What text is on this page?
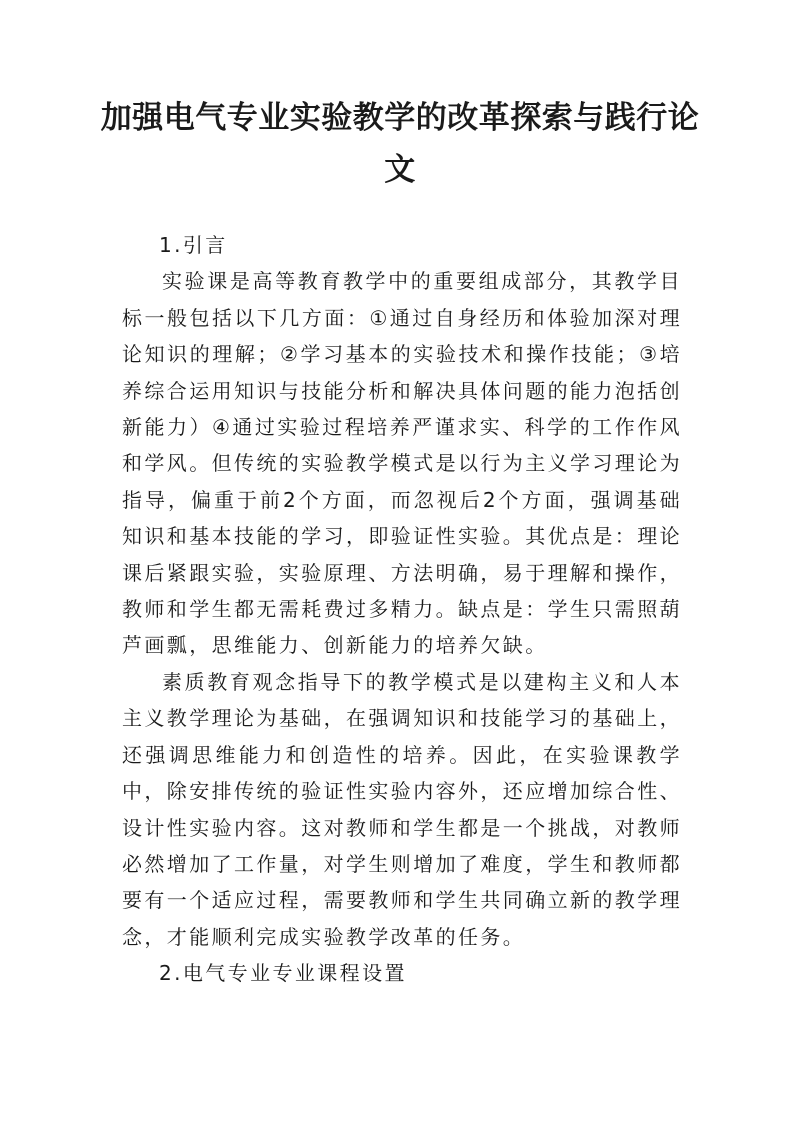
加强电气专业实验教学的改革探索与践行论文

1.引言

实验课是高等教育教学中的重要组成部分，其教学目标一般包括以下几方面：①通过自身经历和体验加深对理论知识的理解；②学习基本的实验技术和操作技能；③培养综合运用知识与技能分析和解决具体问题的能力泡括创新能力）④通过实验过程培养严谨求实、科学的工作作风和学风。但传统的实验教学模式是以行为主义学习理论为指导，偏重于前2个方面，而忽视后2个方面，强调基础知识和基本技能的学习，即验证性实验。其优点是：理论课后紧跟实验，实验原理、方法明确，易于理解和操作，教师和学生都无需耗费过多精力。缺点是：学生只需照葫芦画瓢，思维能力、创新能力的培养欠缺。

素质教育观念指导下的教学模式是以建构主义和人本主义教学理论为基础，在强调知识和技能学习的基础上，还强调思维能力和创造性的培养。因此，在实验课教学中，除安排传统的验证性实验内容外，还应增加综合性、设计性实验内容。这对教师和学生都是一个挑战，对教师必然增加了工作量，对学生则增加了难度，学生和教师都要有一个适应过程，需要教师和学生共同确立新的教学理念，才能顺利完成实验教学改革的任务。

2.电气专业专业课程设置
